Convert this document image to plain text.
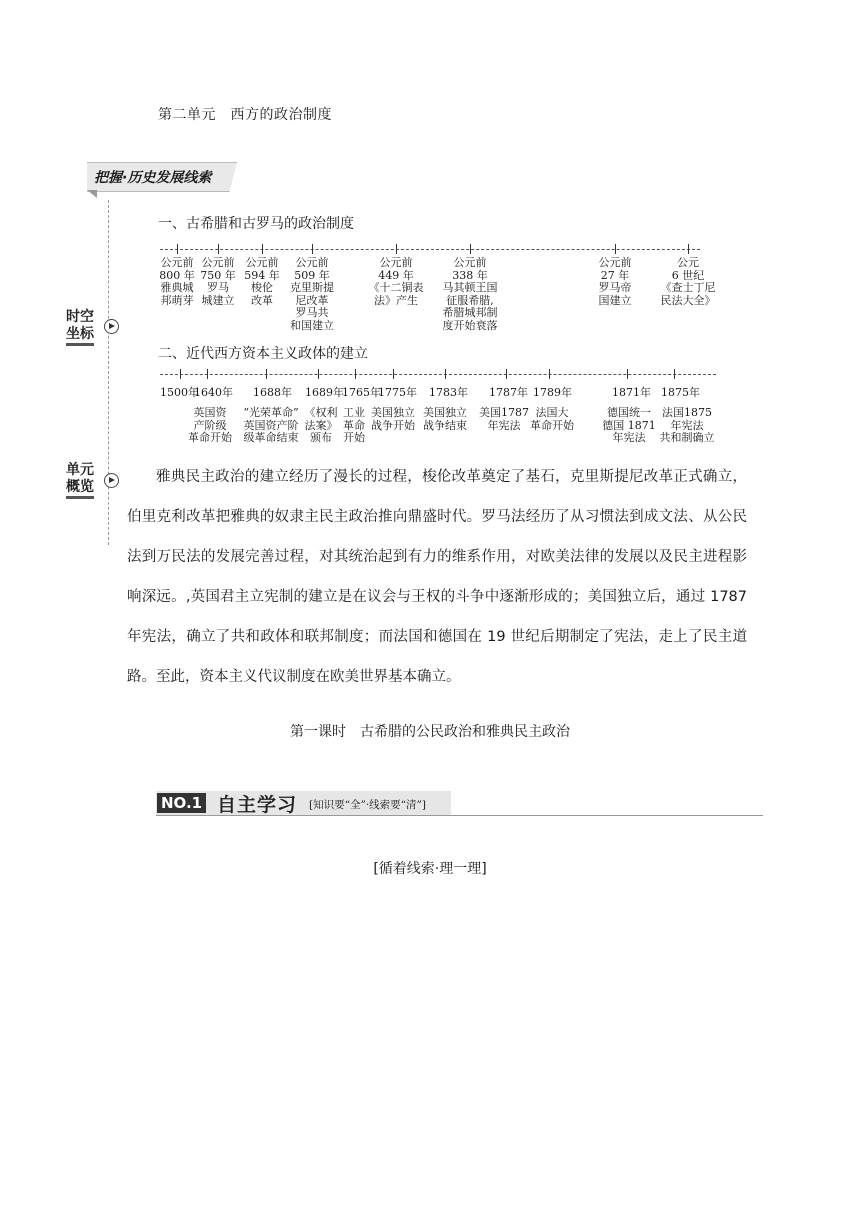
第二单元　西方的政治制度
把握·历史发展线索
时空
坐标
单元
概览
一、古希腊和古罗马的政治制度
公元前
800 年
雅典城
邦萌芽
公元前
750 年
罗马
城建立
公元前
594 年
梭伦
改革
公元前
509 年
克里斯提
尼改革
罗马共
和国建立
公元前
449 年
《十二铜表
法》产生
公元前
338 年
马其顿王国
征服希腊,
希腊城邦制
度开始衰落
公元前
27 年
罗马帝
国建立
公元
6 世纪
《查士丁尼
民法大全》
二、近代西方资本主义政体的建立
1500年
1640年 1688年 1689年
1765年
1775年 1783年 1787年 1789年	1871年 1875年
英国资
产阶级
革命开始
“光荣革命”
英国资产阶
级革命结束
《权利
法案》
颁布
工业
革命
开始
美国独立
战争开始
美国独立
战争结束
美国1787
年宪法
法国大
革命开始
德国统一
德国 1871
年宪法
法国1875
年宪法
共和制确立
雅典民主政治的建立经历了漫长的过程，梭伦改革奠定了基石，克里斯提尼改革正式确立，伯里克利改革把雅典的奴隶主民主政治推向鼎盛时代。罗马法经历了从习惯法到成文法、从公民法到万民法的发展完善过程，对其统治起到有力的维系作用，对欧美法律的发展以及民主进程影响深远。,英国君主立宪制的建立是在议会与王权的斗争中逐渐形成的；美国独立后，通过 1787 年宪法，确立了共和政体和联邦制度；而法国和德国在 19 世纪后期制定了宪法，走上了民主道路。至此，资本主义代议制度在欧美世界基本确立。
第一课时　古希腊的公民政治和雅典民主政治
NO.1 自主学习 [知识要“全”·线索要“清”]
[循着线索·理一理]
